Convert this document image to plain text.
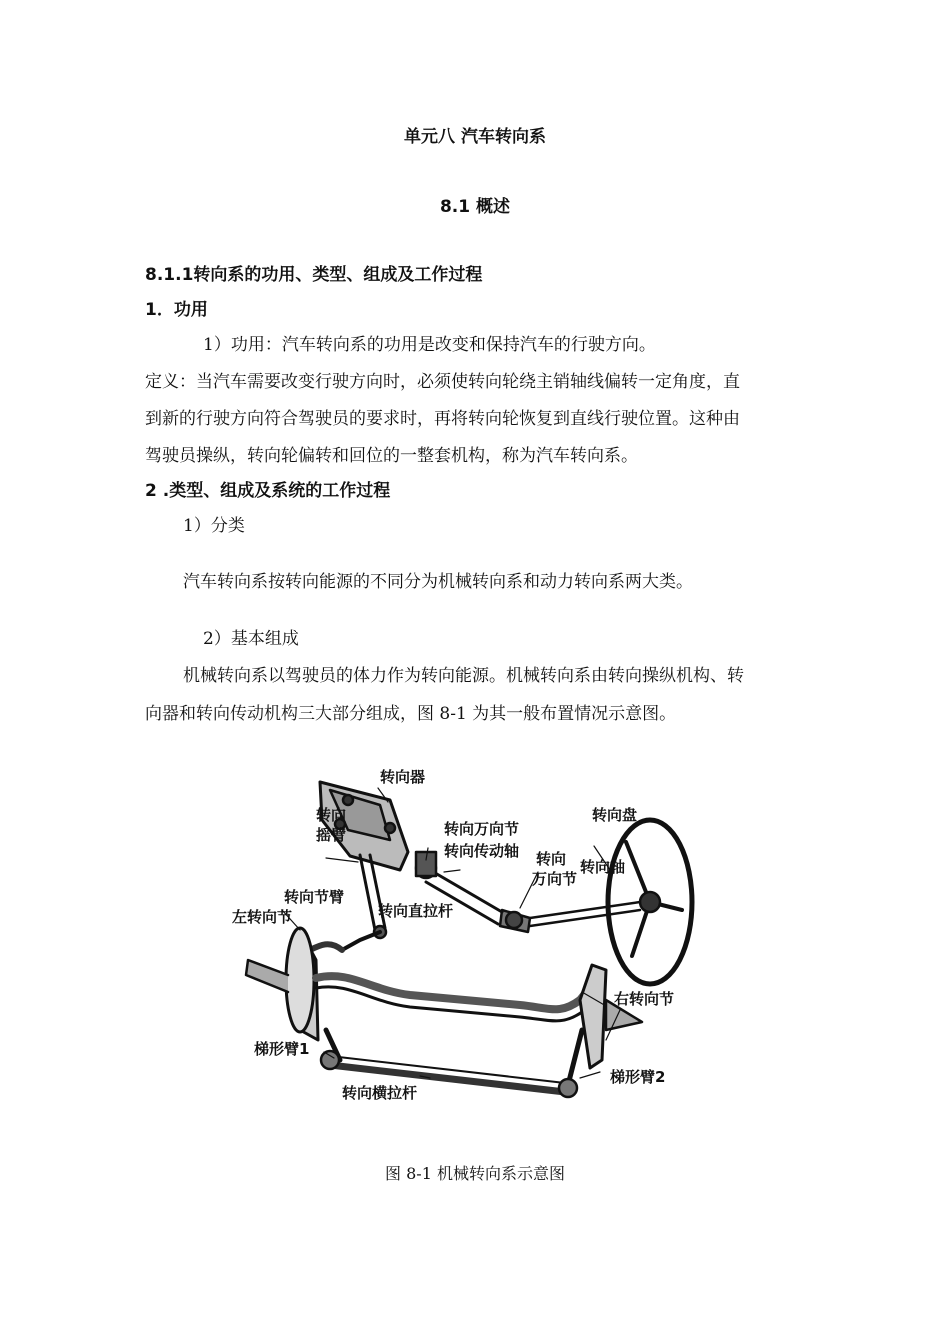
单元八 汽车转向系
8.1 概述
8.1.1转向系的功用、类型、组成及工作过程
1．功用
1）功用：汽车转向系的功用是改变和保持汽车的行驶方向。
定义：当汽车需要改变行驶方向时，必须使转向轮绕主销轴线偏转一定角度，直
到新的行驶方向符合驾驶员的要求时，再将转向轮恢复到直线行驶位置。这种由
驾驶员操纵，转向轮偏转和回位的一整套机构，称为汽车转向系。
2 .类型、组成及系统的工作过程
1）分类
汽车转向系按转向能源的不同分为机械转向系和动力转向系两大类。
2）基本组成
机械转向系以驾驶员的体力作为转向能源。机械转向系由转向操纵机构、转
向器和转向传动机构三大部分组成，图 8-1 为其一般布置情况示意图。
转向器
转向
摇臂	转向万向节
转向传动轴 转向
万向节
转向盘
转向轴
转向节臂
转向直拉杆
左转向节
右转向节
梯形臂1
梯形臂2
转向横拉杆
图 8-1 机械转向系示意图
